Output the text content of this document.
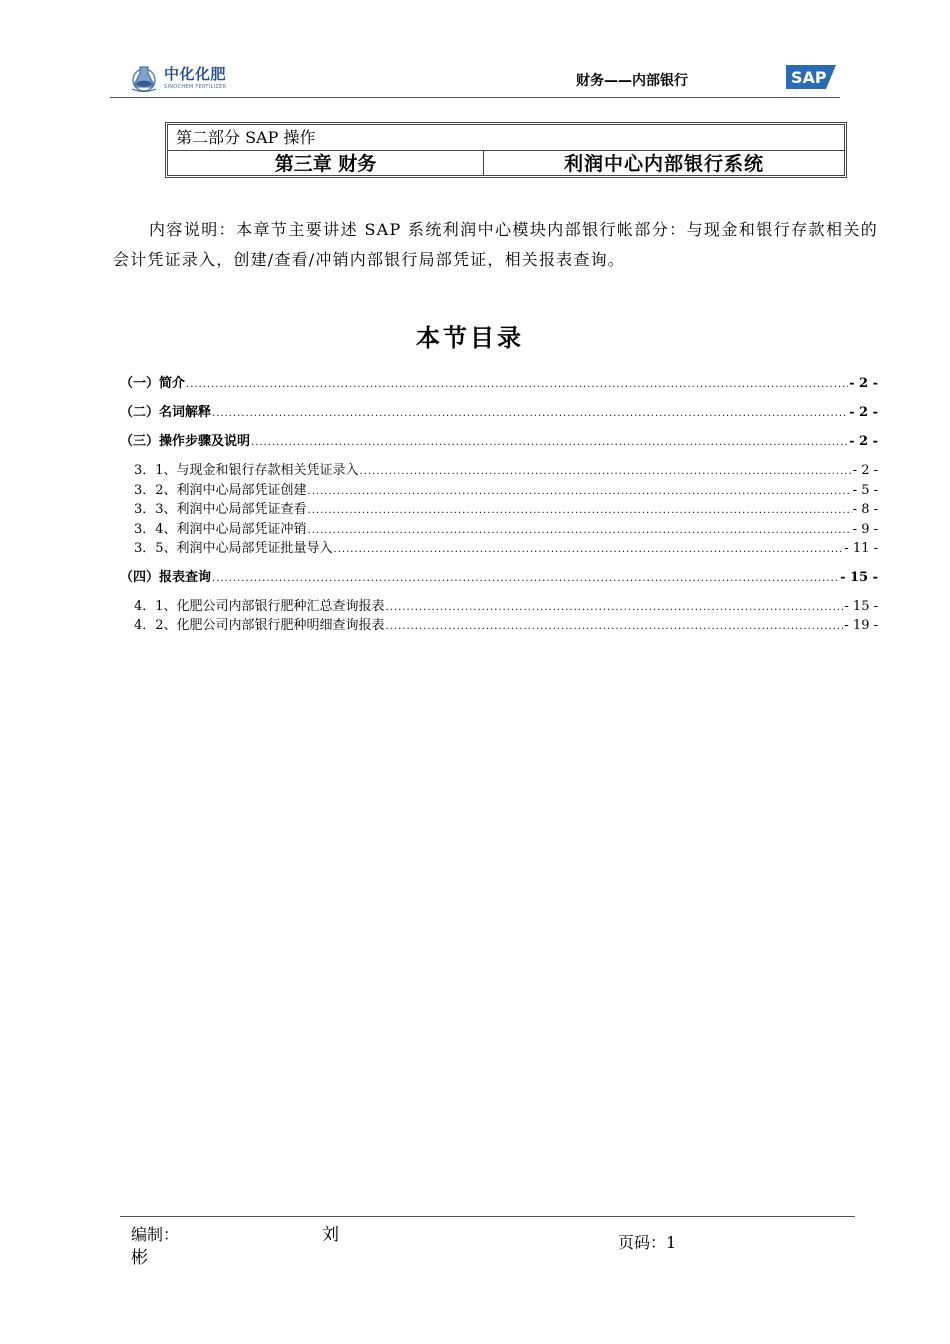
中化化肥
SINOCHEM FERTILIZER	财务——内部银行	SAP
第二部分 SAP 操作
第三章 财务	利润中心内部银行系统
内容说明：本章节主要讲述 SAP 系统利润中心模块内部银行帐部分：与现金和银行存款相关的会计凭证录入，创建/查看/冲销内部银行局部凭证，相关报表查询。
本节目录
（一）简介 .....	- 2 -
（二）名词解释 .....	- 2 -
（三）操作步骤及说明 .....	- 2 -
3．1、与现金和银行存款相关凭证录入 .....	- 2 -
3．2、利润中心局部凭证创建 .....	- 5 -
3．3、利润中心局部凭证查看 .....	- 8 -
3．4、利润中心局部凭证冲销 .....	- 9 -
3．5、利润中心局部凭证批量导入 .....	- 11 -
（四）报表查询 .....	- 15 -
4．1、化肥公司内部银行肥种汇总查询报表 .....	- 15 -
4．2、化肥公司内部银行肥种明细查询报表 .....	- 19 -
编制：	刘
彬
页码：1
